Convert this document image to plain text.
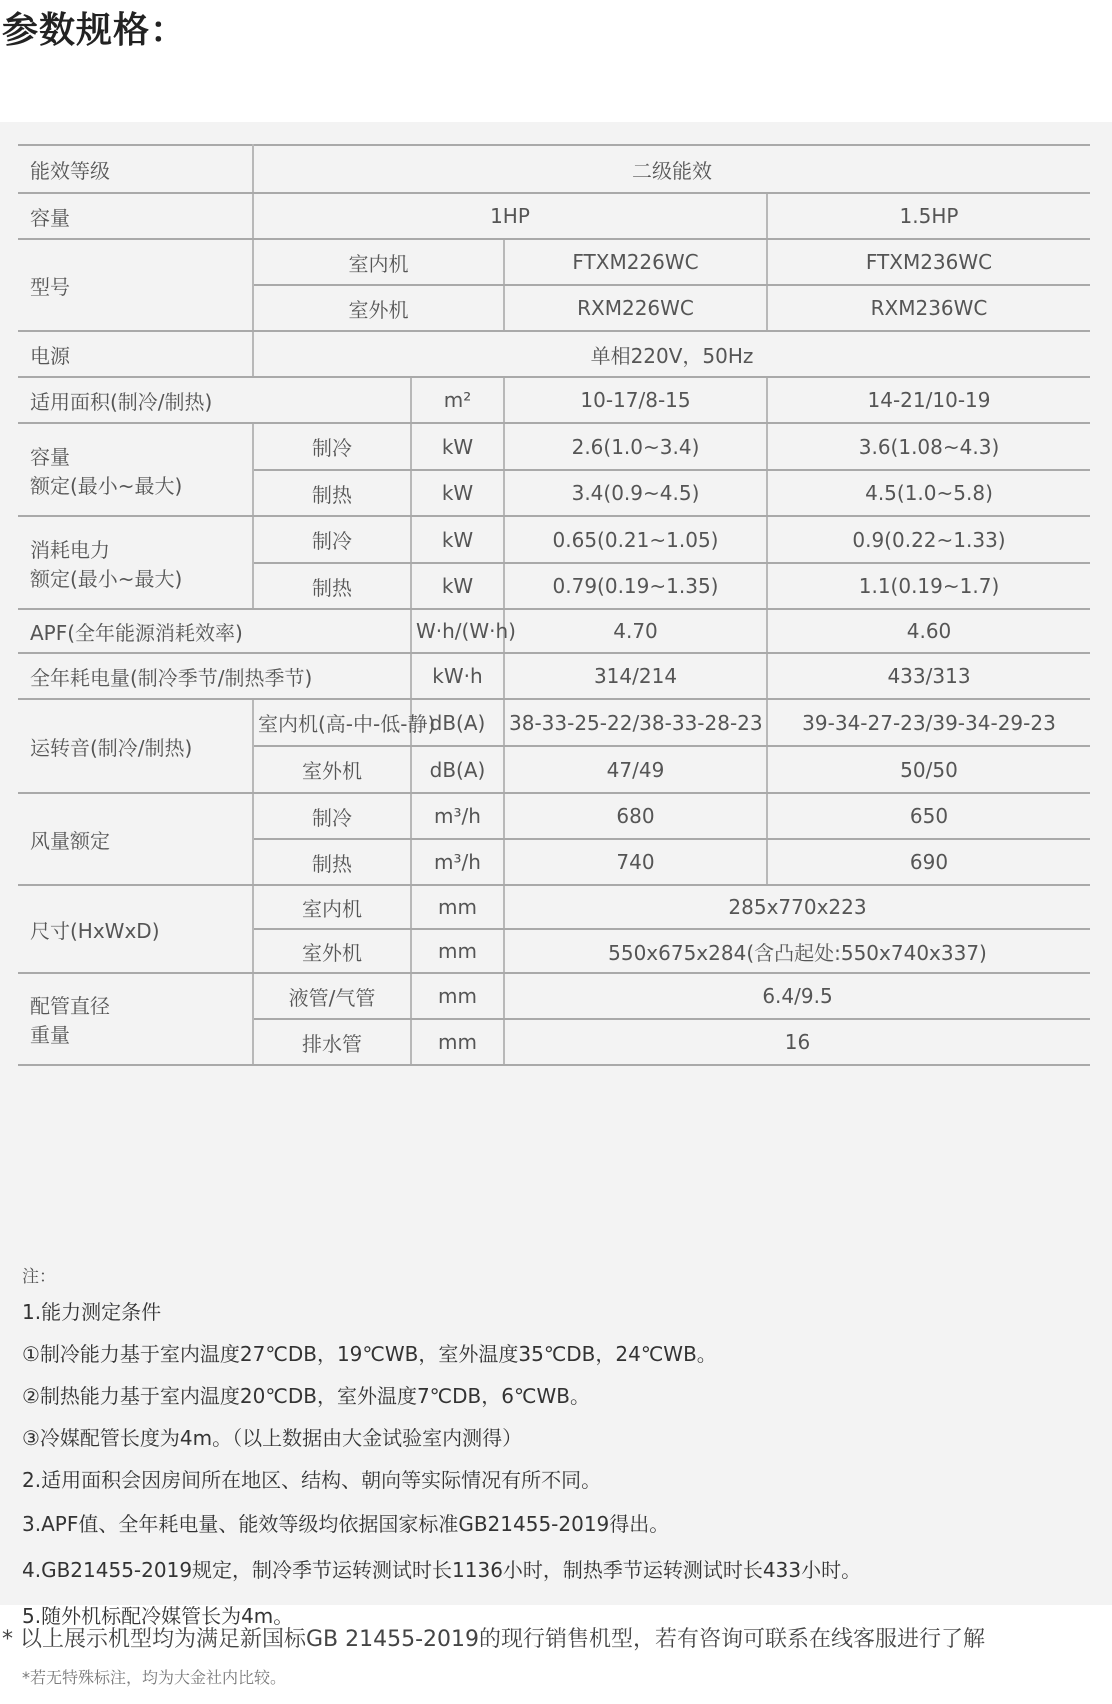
参数规格：
能效等级	二级能效			
容量	1HP			1.5HP
型号	室内机		FTXM226WC	FTXM236WC
	室外机		RXM226WC	RXM236WC
电源	单相220V，50Hz			
适用面积(制冷/制热)		m²	10-17/8-15	14-21/10-19

容量
额定(最小~最大)	制冷	kW	2.6(1.0~3.4)	3.6(1.08~4.3)
	制热	kW	3.4(0.9~4.5)	4.5(1.0~5.8)

消耗电力
额定(最小~最大)	制冷	kW	0.65(0.21~1.05)	0.9(0.22~1.33)
	制热	kW	0.79(0.19~1.35)	1.1(0.19~1.7)
APF(全年能源消耗效率)		W·h/(W·h)	4.70	4.60
全年耗电量(制冷季节/制热季节)		kW·h	314/214	433/313
运转音(制冷/制热)	室内机(高-中-低-静)	dB(A)	38-33-25-22/38-33-28-23	39-34-27-23/39-34-29-23
	室外机	dB(A)	47/49	50/50
风量额定	制冷	m³/h	680	650
	制热	m³/h	740	690
尺寸(HxWxD)	室内机	mm	285x770x223	
	室外机	mm	550x675x284(含凸起处:550x740x337)	

配管直径
重量	液管/气管	mm	6.4/9.5	
	排水管	mm	16	

注：

1.能力测定条件

①制冷能力基于室内温度27℃DB，19℃WB，室外温度35℃DB，24℃WB。

②制热能力基于室内温度20℃DB，室外温度7℃DB，6℃WB。

③冷媒配管长度为4m。（以上数据由大金试验室内测得）

2.适用面积会因房间所在地区、结构、朝向等实际情况有所不同。

3.APF值、全年耗电量、能效等级均依据国家标准GB21455-2019得出。

4.GB21455-2019规定，制冷季节运转测试时长1136小时，制热季节运转测试时长433小时。

5.随外机标配冷媒管长为4m。

*若无特殊标注，均为大金社内比较。

* 以上展示机型均为满足新国标GB 21455-2019的现行销售机型，若有咨询可联系在线客服进行了解
